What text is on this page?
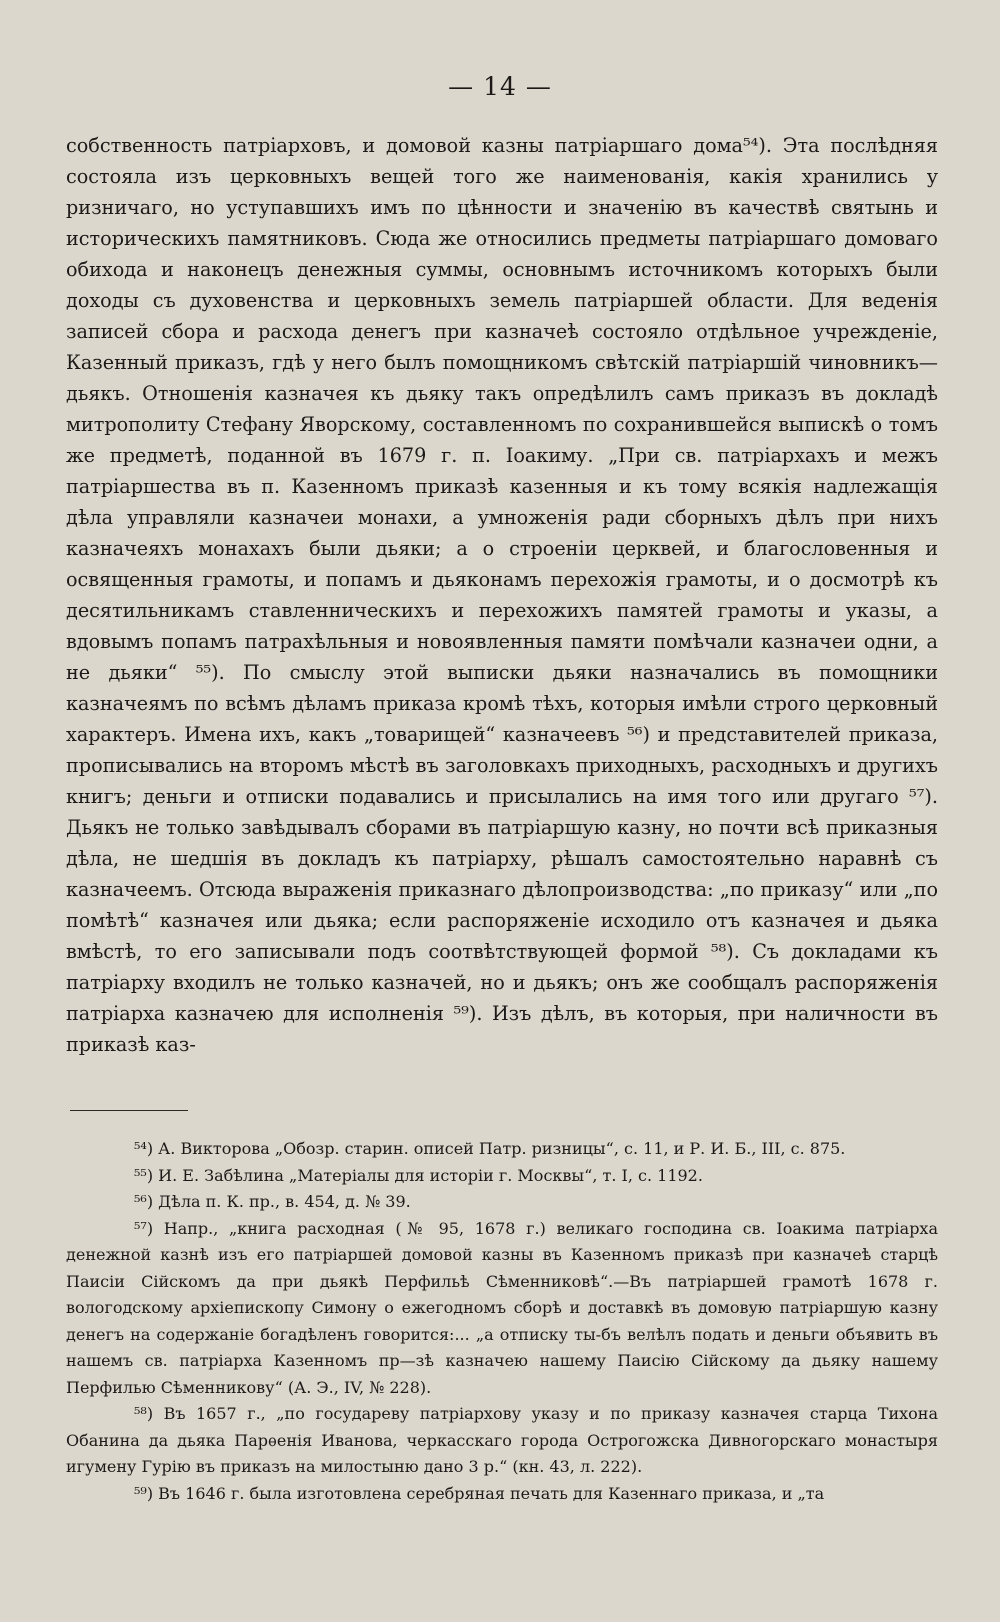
— 14 —

собственность патріарховъ, и домовой казны патріаршаго дома⁵⁴). Эта послѣдняя состояла изъ церковныхъ вещей того же наименованія, какія хранились у ризничаго, но уступавшихъ имъ по цѣнности и значенію въ качествѣ святынь и историческихъ памятниковъ. Сюда же относились предметы патріаршаго домоваго обихода и наконецъ денежныя суммы, основнымъ источникомъ которыхъ были доходы съ духовенства и церковныхъ земель патріаршей области. Для веденія записей сбора и расхода денегъ при казначеѣ состояло отдѣльное учрежденіе, Казенный приказъ, гдѣ у него былъ помощникомъ свѣтскій патріаршій чиновникъ—дьякъ. Отношенія казначея къ дьяку такъ опредѣлилъ самъ приказъ въ докладѣ митрополиту Стефану Яворскому, составленномъ по сохранившейся выпискѣ о томъ же предметѣ, поданной въ 1679 г. п. Іоакиму. „При св. патріархахъ и межъ патріаршества въ п. Казенномъ приказѣ казенныя и къ тому всякія надлежащія дѣла управляли казначеи монахи, а умноженія ради сборныхъ дѣлъ при нихъ казначеяхъ монахахъ были дьяки; а о строеніи церквей, и благословенныя и освященныя грамоты, и попамъ и дьяконамъ перехожія грамоты, и о досмотрѣ къ десятильникамъ ставленническихъ и перехожихъ памятей грамоты и указы, а вдовымъ попамъ патрахѣльныя и новоявленныя памяти помѣчали казначеи одни, а не дьяки“ ⁵⁵). По смыслу этой выписки дьяки назначались въ помощники казначеямъ по всѣмъ дѣламъ приказа кромѣ тѣхъ, которыя имѣли строго церковный характеръ. Имена ихъ, какъ „товарищей“ казначеевъ ⁵⁶) и представителей приказа, прописывались на второмъ мѣстѣ въ заголовкахъ приходныхъ, расходныхъ и другихъ книгъ; деньги и отписки подавались и присылались на имя того или другаго ⁵⁷). Дьякъ не только завѣдывалъ сборами въ патріаршую казну, но почти всѣ приказныя дѣла, не шедшія въ докладъ къ патріарху, рѣшалъ самостоятельно наравнѣ съ казначеемъ. Отсюда выраженія приказнаго дѣлопроизводства: „по приказу“ или „по помѣтѣ“ казначея или дьяка; если распоряженіе исходило отъ казначея и дьяка вмѣстѣ, то его записывали подъ соотвѣтствующей формой ⁵⁸). Съ докладами къ патріарху входилъ не только казначей, но и дьякъ; онъ же сообщалъ распоряженія патріарха казначею для исполненія ⁵⁹). Изъ дѣлъ, въ которыя, при наличности въ приказѣ каз-

⁵⁴) А. Викторова „Обозр. старин. описей Патр. ризницы“, с. 11, и Р. И. Б., III, с. 875.

⁵⁵) И. Е. Забѣлина „Матеріалы для исторіи г. Москвы“, т. I, с. 1192.

⁵⁶) Дѣла п. К. пр., в. 454, д. № 39.

⁵⁷) Напр., „книга расходная (№ 95, 1678 г.) великаго господина св. Іоакима патріарха денежной казнѣ изъ его патріаршей домовой казны въ Казенномъ приказѣ при казначеѣ старцѣ Паисіи Сійскомъ да при дьякѣ Перфильѣ Сѣменниковѣ“.—Въ патріаршей грамотѣ 1678 г. вологодскому архіепископу Симону о ежегодномъ сборѣ и доставкѣ въ домовую патріаршую казну денегъ на содержаніе богадѣленъ говорится:... „а отписку ты-бъ велѣлъ подать и деньги объявить въ нашемъ св. патріарха Казенномъ пр—зѣ казначею нашему Паисію Сійскому да дьяку нашему Перфилью Сѣменникову“ (А. Э., IV, № 228).

⁵⁸) Въ 1657 г., „по государеву патріархову указу и по приказу казначея старца Тихона Обанина да дьяка Парѳенія Иванова, черкасскаго города Острогожска Дивногорскаго монастыря игумену Гурію въ приказъ на милостыню дано 3 р.“ (кн. 43, л. 222).

⁵⁹) Въ 1646 г. была изготовлена серебряная печать для Казеннаго приказа, и „та
